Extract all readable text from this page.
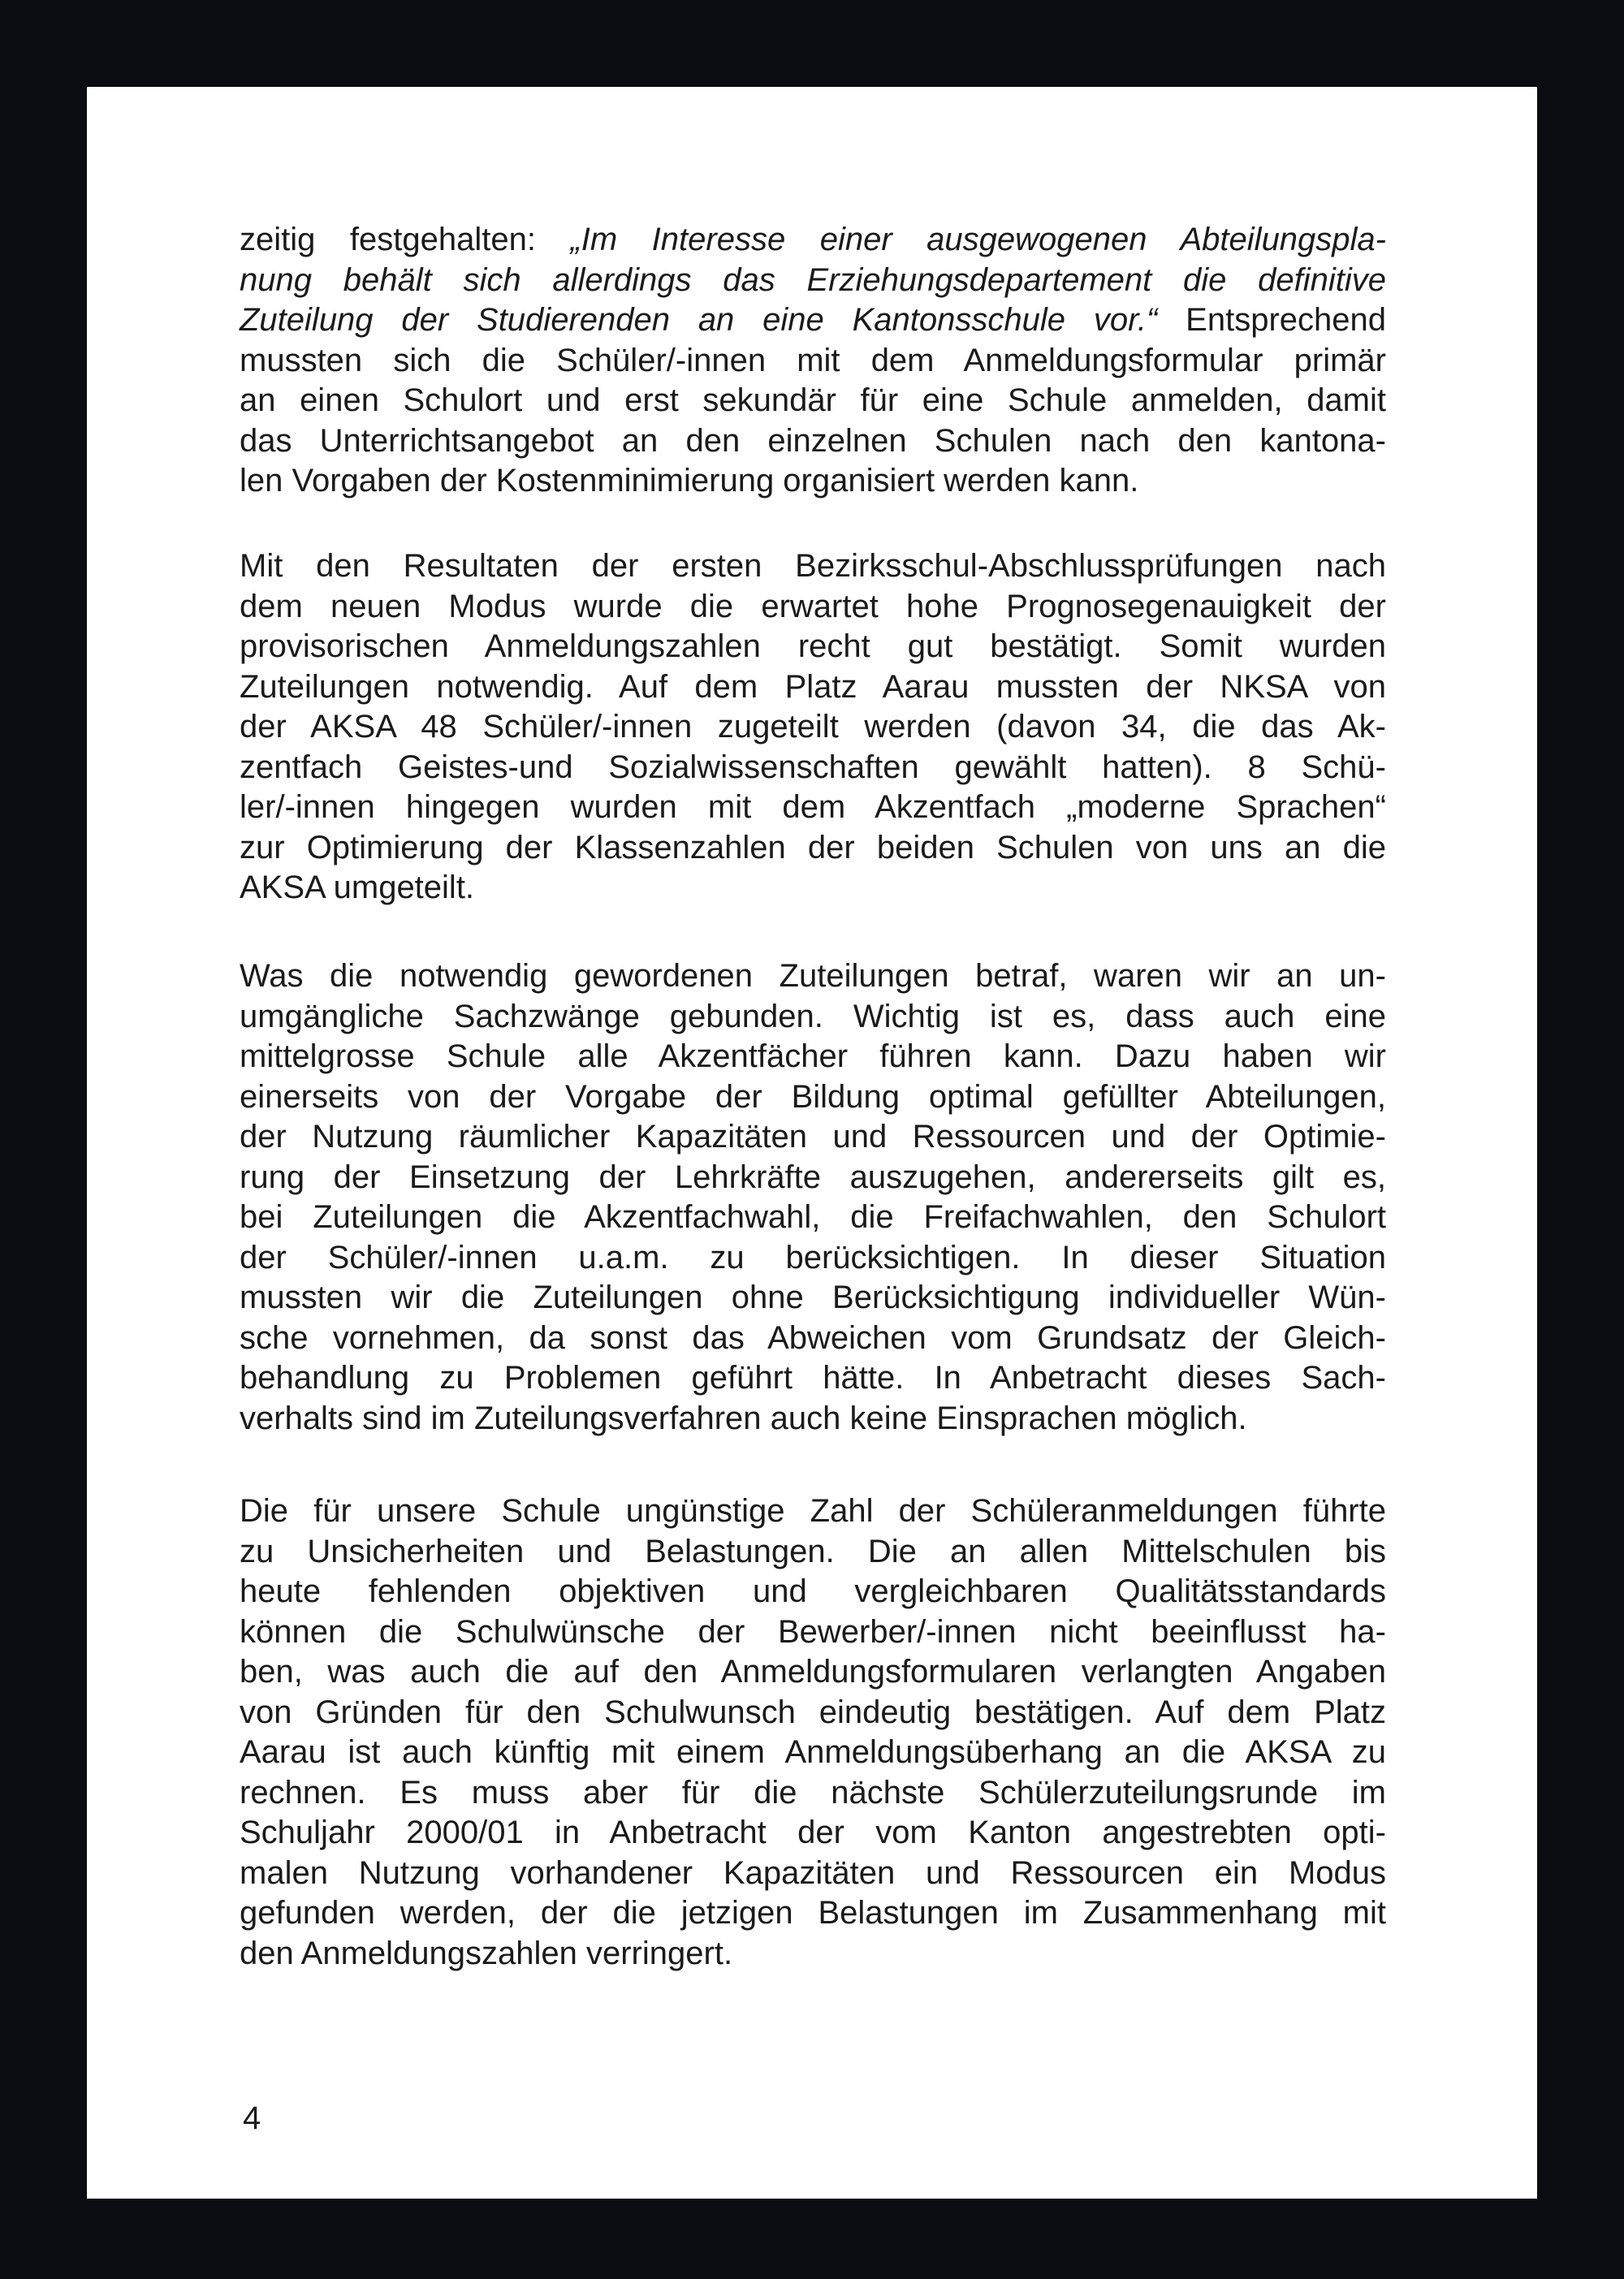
zeitig festgehalten: „Im Interesse einer ausgewogenen Abteilungspla-
nung behält sich allerdings das Erziehungsdepartement die definitive
Zuteilung der Studierenden an eine Kantonsschule vor.“ Entsprechend
mussten sich die Schüler/-innen mit dem Anmeldungsformular primär
an einen Schulort und erst sekundär für eine Schule anmelden, damit
das Unterrichtsangebot an den einzelnen Schulen nach den kantona-
len Vorgaben der Kostenminimierung organisiert werden kann.
Mit den Resultaten der ersten Bezirksschul-Abschlussprüfungen nach
dem neuen Modus wurde die erwartet hohe Prognosegenauigkeit der
provisorischen Anmeldungszahlen recht gut bestätigt. Somit wurden
Zuteilungen notwendig. Auf dem Platz Aarau mussten der NKSA von
der AKSA 48 Schüler/-innen zugeteilt werden (davon 34, die das Ak-
zentfach Geistes-und Sozialwissenschaften gewählt hatten). 8 Schü-
ler/-innen hingegen wurden mit dem Akzentfach „moderne Sprachen“
zur Optimierung der Klassenzahlen der beiden Schulen von uns an die
AKSA umgeteilt.
Was die notwendig gewordenen Zuteilungen betraf, waren wir an un-
umgängliche Sachzwänge gebunden. Wichtig ist es, dass auch eine
mittelgrosse Schule alle Akzentfächer führen kann. Dazu haben wir
einerseits von der Vorgabe der Bildung optimal gefüllter Abteilungen,
der Nutzung räumlicher Kapazitäten und Ressourcen und der Optimie-
rung der Einsetzung der Lehrkräfte auszugehen, andererseits gilt es,
bei Zuteilungen die Akzentfachwahl, die Freifachwahlen, den Schulort
der Schüler/-innen u.a.m. zu berücksichtigen. In dieser Situation
mussten wir die Zuteilungen ohne Berücksichtigung individueller Wün-
sche vornehmen, da sonst das Abweichen vom Grundsatz der Gleich-
behandlung zu Problemen geführt hätte. In Anbetracht dieses Sach-
verhalts sind im Zuteilungsverfahren auch keine Einsprachen möglich.
Die für unsere Schule ungünstige Zahl der Schüleranmeldungen führte
zu Unsicherheiten und Belastungen. Die an allen Mittelschulen bis
heute fehlenden objektiven und vergleichbaren Qualitätsstandards
können die Schulwünsche der Bewerber/-innen nicht beeinflusst ha-
ben, was auch die auf den Anmeldungsformularen verlangten Angaben
von Gründen für den Schulwunsch eindeutig bestätigen. Auf dem Platz
Aarau ist auch künftig mit einem Anmeldungsüberhang an die AKSA zu
rechnen. Es muss aber für die nächste Schülerzuteilungsrunde im
Schuljahr 2000/01 in Anbetracht der vom Kanton angestrebten opti-
malen Nutzung vorhandener Kapazitäten und Ressourcen ein Modus
gefunden werden, der die jetzigen Belastungen im Zusammenhang mit
den Anmeldungszahlen verringert.
4
